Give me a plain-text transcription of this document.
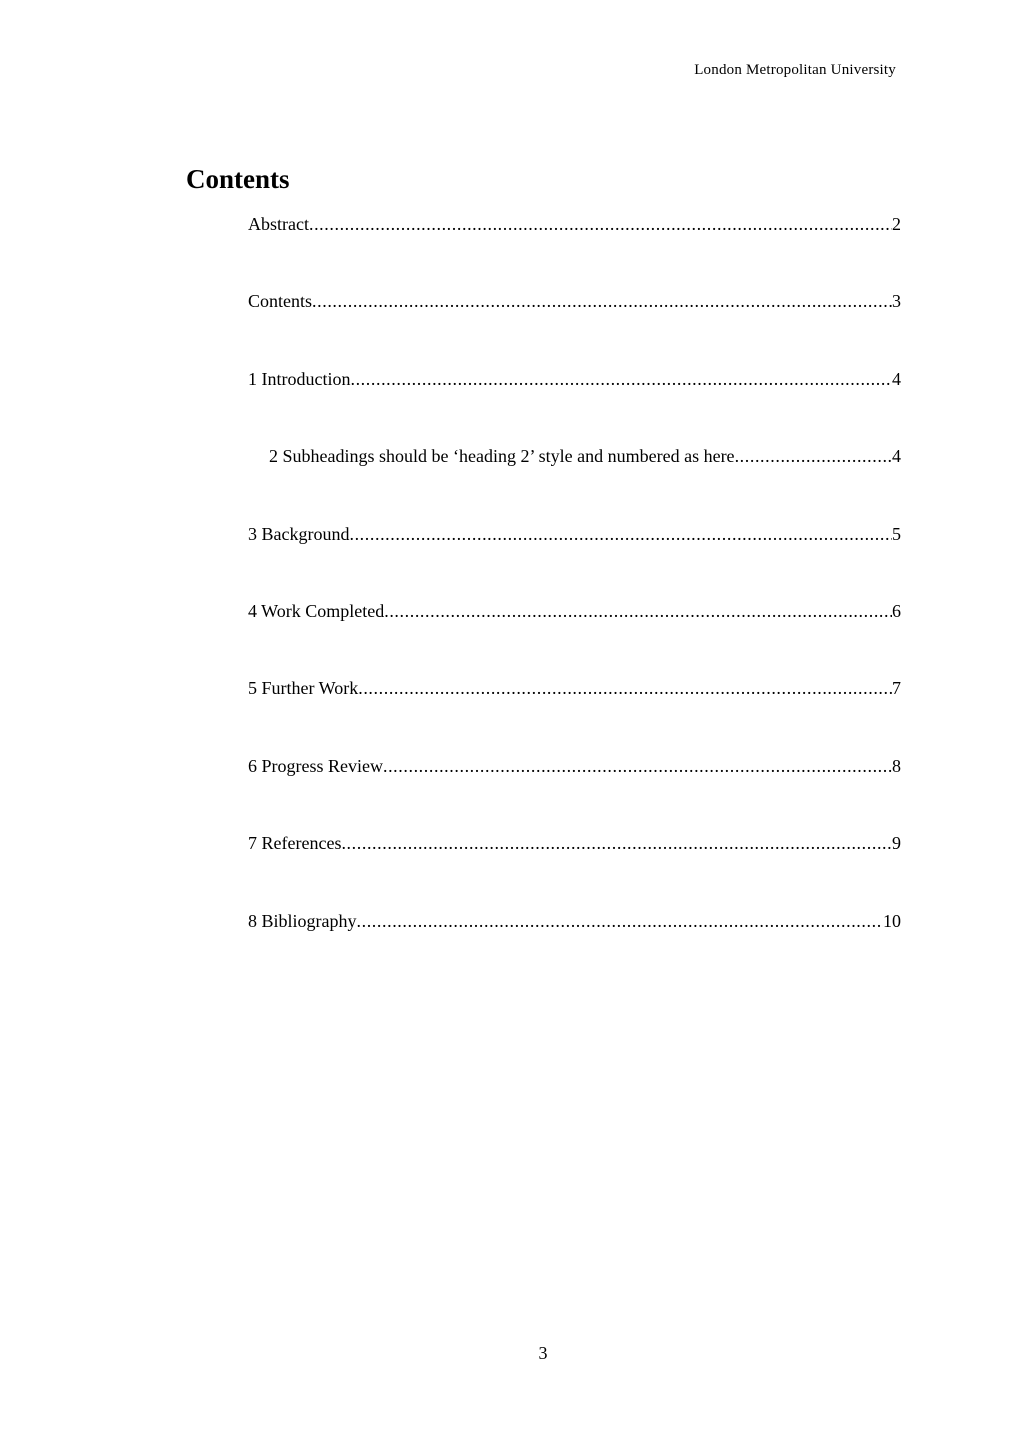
London Metropolitan University
Contents
Abstract .....	2
Contents .....	3
1 Introduction .....	4
2 Subheadings should be ‘heading 2’ style and numbered as here .....	4
3 Background .....	5
4 Work Completed .....	6
5 Further Work .....	7
6 Progress Review .....	8
7 References .....	9
8 Bibliography .....	10
3
